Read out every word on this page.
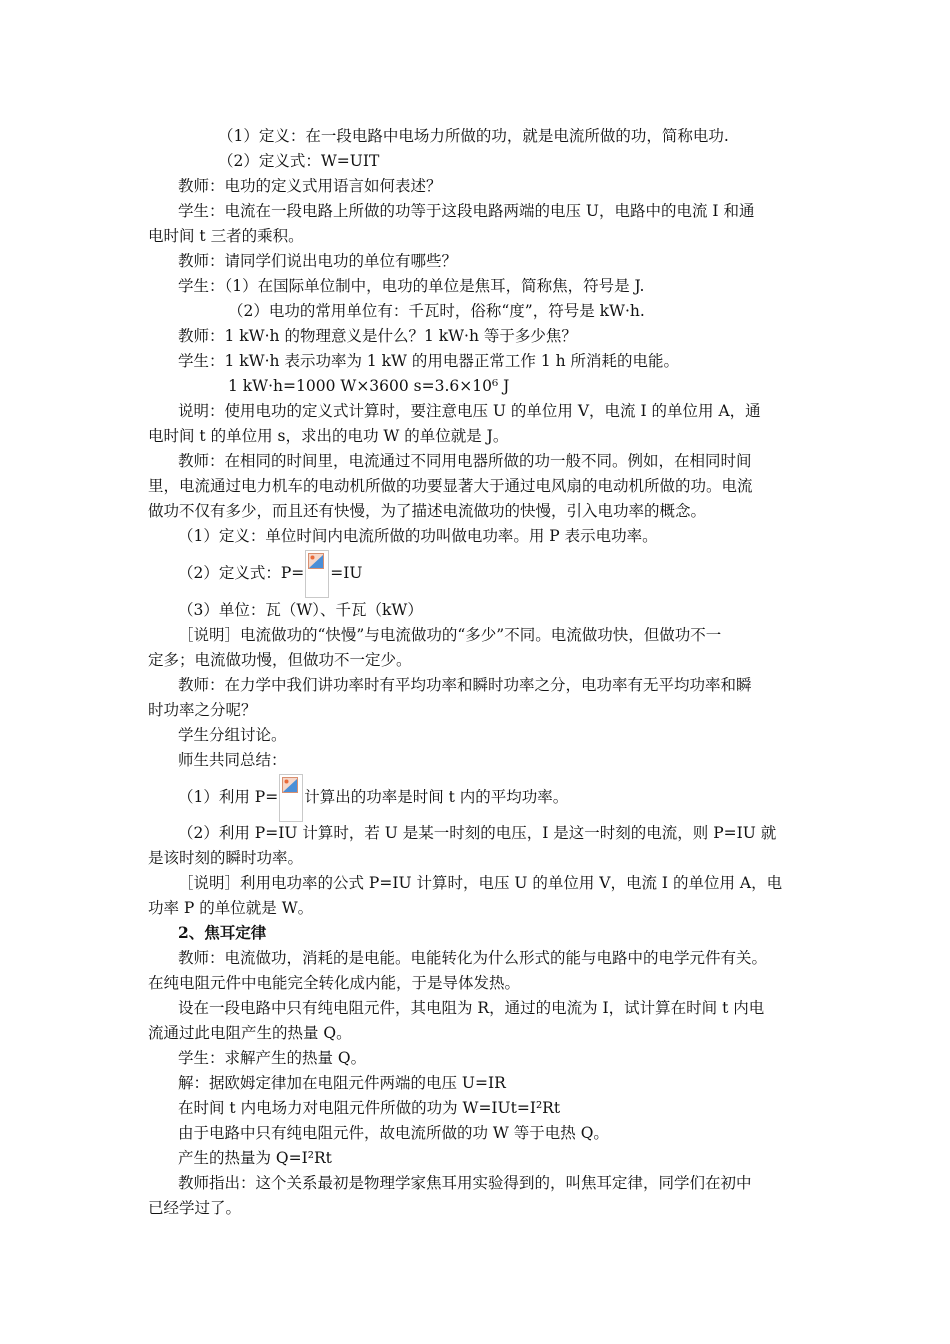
（1）定义：在一段电路中电场力所做的功，就是电流所做的功，简称电功.
（2）定义式：W=UIT
教师：电功的定义式用语言如何表述？
学生：电流在一段电路上所做的功等于这段电路两端的电压 U，电路中的电流 I 和通
电时间 t 三者的乘积。
教师：请同学们说出电功的单位有哪些？
学生：（1）在国际单位制中，电功的单位是焦耳，简称焦，符号是 J.
（2）电功的常用单位有：千瓦时，俗称“度”，符号是 kW·h.
教师：1 kW·h 的物理意义是什么？1 kW·h 等于多少焦？
学生：1 kW·h 表示功率为 1 kW 的用电器正常工作 1 h 所消耗的电能。
1 kW·h=1000 W×3600 s=3.6×10⁶ J
说明：使用电功的定义式计算时，要注意电压 U 的单位用 V，电流 I 的单位用 A，通
电时间 t 的单位用 s，求出的电功 W 的单位就是 J。
教师：在相同的时间里，电流通过不同用电器所做的功一般不同。例如，在相同时间
里，电流通过电力机车的电动机所做的功要显著大于通过电风扇的电动机所做的功。电流
做功不仅有多少，而且还有快慢，为了描述电流做功的快慢，引入电功率的概念。
（1）定义：单位时间内电流所做的功叫做电功率。用 P 表示电功率。
（2）定义式：P= =IU
（3）单位：瓦（W）、千瓦（kW）
［说明］电流做功的“快慢”与电流做功的“多少”不同。电流做功快，但做功不一
定多；电流做功慢，但做功不一定少。
教师：在力学中我们讲功率时有平均功率和瞬时功率之分，电功率有无平均功率和瞬
时功率之分呢？
学生分组讨论。
师生共同总结：
（1）利用 P= 计算出的功率是时间 t 内的平均功率。
（2）利用 P=IU 计算时，若 U 是某一时刻的电压，I 是这一时刻的电流，则 P=IU 就
是该时刻的瞬时功率。
［说明］利用电功率的公式 P=IU 计算时，电压 U 的单位用 V，电流 I 的单位用 A，电
功率 P 的单位就是 W。
2、焦耳定律
教师：电流做功，消耗的是电能。电能转化为什么形式的能与电路中的电学元件有关。
在纯电阻元件中电能完全转化成内能，于是导体发热。
设在一段电路中只有纯电阻元件，其电阻为 R，通过的电流为 I，试计算在时间 t 内电
流通过此电阻产生的热量 Q。
学生：求解产生的热量 Q。
解：据欧姆定律加在电阻元件两端的电压 U=IR
在时间 t 内电场力对电阻元件所做的功为 W=IUt=I²Rt
由于电路中只有纯电阻元件，故电流所做的功 W 等于电热 Q。
产生的热量为 Q=I²Rt
教师指出：这个关系最初是物理学家焦耳用实验得到的，叫焦耳定律，同学们在初中
已经学过了。
